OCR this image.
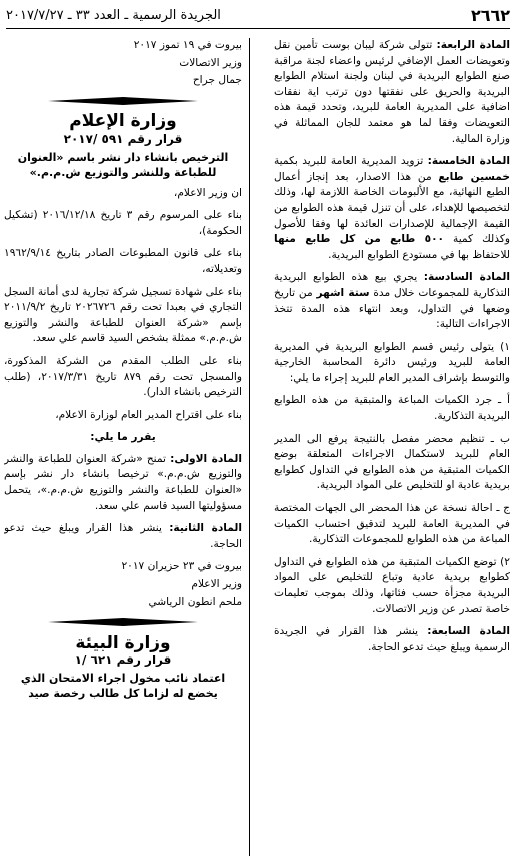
٢٦٦٢
الجريدة الرسمية ـ العدد ٣٣ ـ ٢٠١٧/٧/٢٧

المادة الرابعة: تتولى شركة ليبان بوست تأمين نقل وتعويضات العمل الإضافي لرئيس واعضاء لجنة مراقبة صنع الطوابع البريدية في لبنان ولجنة استلام الطوابع البريدية والحريق على نفقتها دون ترتب اية نفقات اضافية على المديرية العامة للبريد، وتحدد قيمة هذه التعويضات وفقا لما هو معتمد للجان المماثلة في وزارة المالية.

المادة الخامسة: تزويد المديرية العامة للبريد بكمية خمسين طابع من هذا الاصدار، بعد إنجاز أعمال الطبع النهائية، مع الألبومات الخاصة اللازمة لها، وذلك لتخصيصها للإهداء، على أن تنزل قيمة هذه الطوابع من القيمة الإجمالية للإصدارات العائدة لها وفقا للأصول وكذلك كمية ٥٠٠ طابع من كل طابع منها للاحتفاظ بها في مستودع الطوابع البريدية.

المادة السادسة: يجري بيع هذه الطوابع البريدية التذكارية للمجموعات خلال مدة ستة اشهر من تاريخ وضعها في التداول، وبعد انتهاء هذه المدة تتخذ الاجراءات التالية:

١) يتولى رئيس قسم الطوابع البريدية في المديرية العامة للبريد ورئيس دائرة المحاسبة الخارجية والتوسط بإشراف المدير العام للبريد إجراء ما يلي:

أ ـ جرد الكميات المباعة والمتبقية من هذه الطوابع البريدية التذكارية.

ب ـ تنظيم محضر مفصل بالنتيجة يرفع الى المدير العام للبريد لاستكمال الاجراءات المتعلقة بوضع الكميات المتبقية من هذه الطوابع في التداول كطوابع بريدية عادية او للتخليص على المواد البريدية.

ج ـ احالة نسخة عن هذا المحضر الى الجهات المختصة في المديرية العامة للبريد لتدقيق احتساب الكميات المباعة من هذه الطوابع للمجموعات التذكارية.

٢) توضع الكميات المتبقية من هذه الطوابع في التداول كطوابع بريدية عادية وتباع للتخليص على المواد البريدية مجزأة حسب فئاتها، وذلك بموجب تعليمات خاصة تصدر عن وزير الاتصالات.

المادة السابعة: ينشر هذا القرار في الجريدة الرسمية ويبلغ حيث تدعو الحاجة.

بيروت في ١٩ تموز ٢٠١٧

وزير الاتصالات

جمال جراح

وزارة الإعلام
قرار رقم ٥٩١ /٢٠١٧
الترخيص بانشاء دار نشر باسم «العنوان للطباعة وللنشر والتوزيع ش.م.م.»

ان وزير الاعلام،

بناء على المرسوم رقم ٣ تاريخ ٢٠١٦/١٢/١٨ (تشكيل الحكومة)،

بناء على قانون المطبوعات الصادر بتاريخ ١٩٦٢/٩/١٤ وتعديلاته،

بناء على شهادة تسجيل شركة تجارية لدى أمانة السجل التجاري في بعبدا تحت رقم ٢٠٢٦٧٢٦ تاريخ ٢٠١١/٩/٢ بإسم «شركة العنوان للطباعة والنشر والتوزيع ش.م.م.» ممثلة بشخص السيد قاسم علي سعد.

بناء على الطلب المقدم من الشركة المذكورة، والمسجل تحت رقم ٨٧٩ تاريخ ٢٠١٧/٣/٣١، (طلب الترخيص بانشاء الدار).

بناء على اقتراح المدير العام لوزارة الاعلام،

يقرر ما يلي:

المادة الاولى: تمنح «شركة العنوان للطباعة والنشر والتوزيع ش.م.م.» ترخيصا بانشاء دار نشر بإسم «العنوان للطباعة والنشر والتوزيع ش.م.م.»، يتحمل مسؤوليتها السيد قاسم علي سعد.

المادة الثانية: ينشر هذا القرار ويبلغ حيث تدعو الحاجة.

بيروت في ٢٣ حزيران ٢٠١٧

وزير الاعلام

ملحم انطون الرياشي

وزارة البيئة
قرار رقم ٦٢١ /١
اعتماد نائب مخول اجراء الامتحان الذي يخضع له لزاما كل طالب رخصة صيد
